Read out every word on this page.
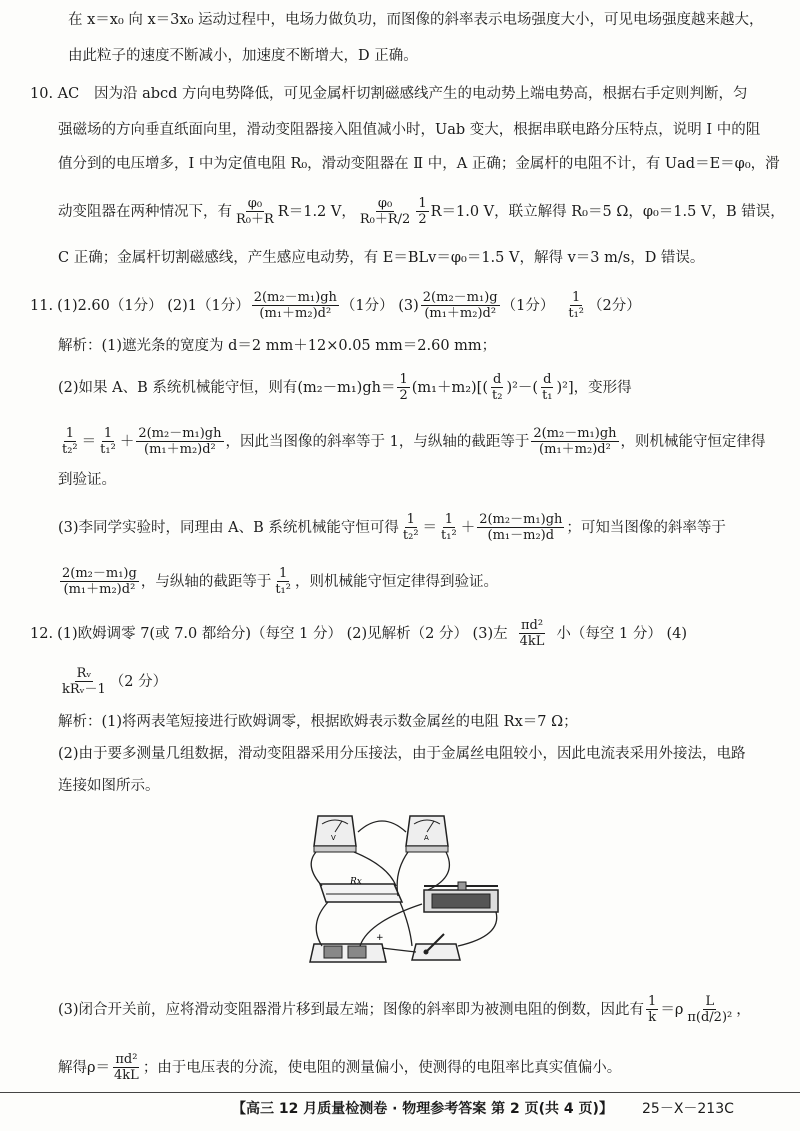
在 x＝x₀ 向 x＝3x₀ 运动过程中，电场力做负功，而图像的斜率表示电场强度大小，可见电场强度越来越大，
由此粒子的速度不断减小，加速度不断增大，D 正确。
10. AC 因为沿 abcd 方向电势降低，可见金属杆切割磁感线产生的电动势上端电势高，根据右手定则判断，匀
强磁场的方向垂直纸面向里，滑动变阻器接入阻值减小时，Uab 变大，根据串联电路分压特点，说明 Ⅰ 中的阻
值分到的电压增多，Ⅰ 中为定值电阻 R₀，滑动变阻器在 Ⅱ 中，A 正确；金属杆的电阻不计，有 Uad＝E＝φ₀，滑
动变阻器在两种情况下，有 $\frac{\text{φ₀}}{\text{R₀＋R}} R=1.2$ V， $\frac{\text{φ₀}}{\text{R₀＋R/2}} \frac{1}{2} R=1.0$ V，联立解得 R₀＝5 Ω，φ₀＝1.5 V，B 错误，
C 正确；金属杆切割磁感线，产生感应电动势，有 E＝BLv＝φ₀＝1.5 V，解得 v＝3 m/s，D 错误。
11. (1)2.60（1分） (2)1（1分） $\frac{\text{2(m₂－m₁)gh}}{\text{(m₁＋m₂)d²}} (1$分） $(3) \frac{\text{2(m₂－m₁)g}}{\text{(m₁＋m₂)d²}} (1$分） $\frac{1}{\text{t₁²}} (2$分）
解析：(1)遮光条的宽度为 d＝2 mm＋12×0.05 mm＝2.60 mm；
(2)如果 A、B 系统机械能守恒，则有$(m_2-m_1)gh= \frac{1}{2} (m_1+m_2)[( \frac{d}{\text{t₂}} )^2-( \frac{d}{\text{t₁}} )^2]$，变形得
$\frac{1}{\text{t₂²}} = \frac{1}{\text{t₁²}} + \frac{\text{2(m₂－m₁)gh}}{\text{(m₁＋m₂)d²}}$ ，因此当图像的斜率等于 1，与纵轴的截距等于 $\frac{\text{2(m₂－m₁)gh}}{\text{(m₁＋m₂)d²}}$ ，则机械能守恒定律得
到验证。
(3)李同学实验时，同理由 A、B 系统机械能守恒可得 $\frac{1}{\text{t₂²}} = \frac{1}{\text{t₁²}} + \frac{\text{2(m₂－m₁)gh}}{\text{(m₁－m₂)d}}$ ；可知当图像的斜率等于
$\frac{\text{2(m₂－m₁)g}}{\text{(m₁＋m₂)d²}}$ ，与纵轴的截距等于 $\frac{1}{\text{t₁²}}$ ，则机械能守恒定律得到验证。
12. (1)欧姆调零 7(或 7.0 都给分)（每空 1 分） (2)见解析（2 分） (3)左 $\frac{\text{πd²}}{4kL}$ 小（每空 1 分） (4)
$\frac{\text{Rᵥ}}{\text{kRᵥ－1}} (2$ 分）
解析：(1)将两表笔短接进行欧姆调零，根据欧姆表示数金属丝的电阻 Rx＝7 Ω；
(2)由于要多测量几组数据，滑动变阻器采用分压接法，由于金属丝电阻较小，因此电流表采用外接法，电路
连接如图所示。
V	A
Rx
+
(3)闭合开关前，应将滑动变阻器滑片移到最左端；图像的斜率即为被测电阻的倒数，因此有 $\frac{1}{k} =\rho \frac{L}{\text{π(d/2)²}}$ ，
解得 $\rho= \frac{\text{πd²}}{4kL}$ ；由于电压表的分流，使电阻的测量偏小，使测得的电阻率比真实值偏小。
【高三 12 月质量检测卷 · 物理参考答案 第 2 页(共 4 页)】 25－X－213C
